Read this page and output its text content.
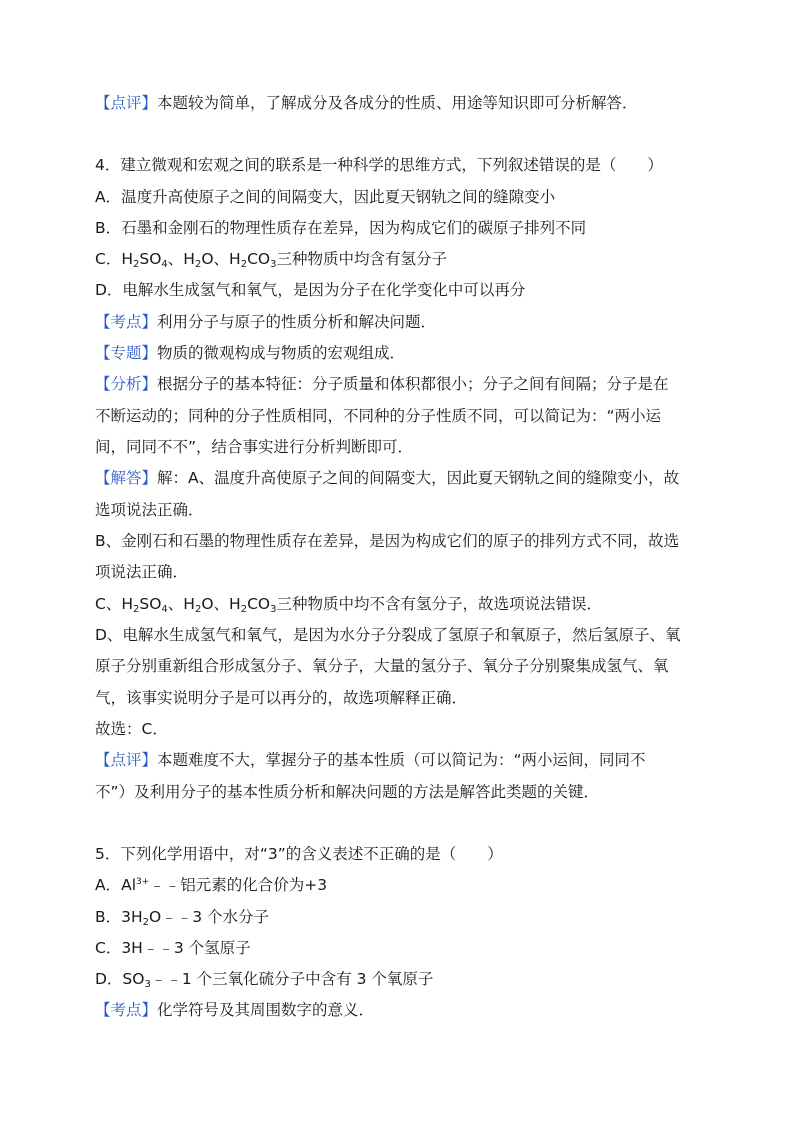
【点评】本题较为简单，了解成分及各成分的性质、用途等知识即可分析解答．
4．建立微观和宏观之间的联系是一种科学的思维方式，下列叙述错误的是（　　）
A．温度升高使原子之间的间隔变大，因此夏天钢轨之间的缝隙变小
B．石墨和金刚石的物理性质存在差异，因为构成它们的碳原子排列不同
C．$H_2SO_4$、$H_2O$、$H_2CO_3$三种物质中均含有氢分子
D．电解水生成氢气和氧气，是因为分子在化学变化中可以再分
【考点】利用分子与原子的性质分析和解决问题．
【专题】物质的微观构成与物质的宏观组成．
【分析】根据分子的基本特征：分子质量和体积都很小；分子之间有间隔；分子是在
不断运动的；同种的分子性质相同，不同种的分子性质不同，可以简记为：“两小运
间，同同不不”，结合事实进行分析判断即可．
【解答】解：A、温度升高使原子之间的间隔变大，因此夏天钢轨之间的缝隙变小，故
选项说法正确．
B、金刚石和石墨的物理性质存在差异，是因为构成它们的原子的排列方式不同，故选
项说法正确．
C、$H_2SO_4$、$H_2O$、$H_2CO_3$三种物质中均不含有氢分子，故选项说法错误．
D、电解水生成氢气和氧气，是因为水分子分裂成了氢原子和氧原子，然后氢原子、氧
原子分别重新组合形成氢分子、氧分子，大量的氢分子、氧分子分别聚集成氢气、氧
气，该事实说明分子是可以再分的，故选项解释正确．
故选：C．
【点评】本题难度不大，掌握分子的基本性质（可以简记为：“两小运间，同同不
不”）及利用分子的基本性质分析和解决问题的方法是解答此类题的关键．
5．下列化学用语中，对“3”的含义表述不正确的是（　　）
A．$Al^{3+}﹣﹣$铝元素的化合价为+3
B．$3H_2O﹣﹣3$ 个水分子
C．3H﹣﹣3 个氢原子
D．$SO_3﹣﹣1$ 个三氧化硫分子中含有 3 个氧原子
【考点】化学符号及其周围数字的意义．
